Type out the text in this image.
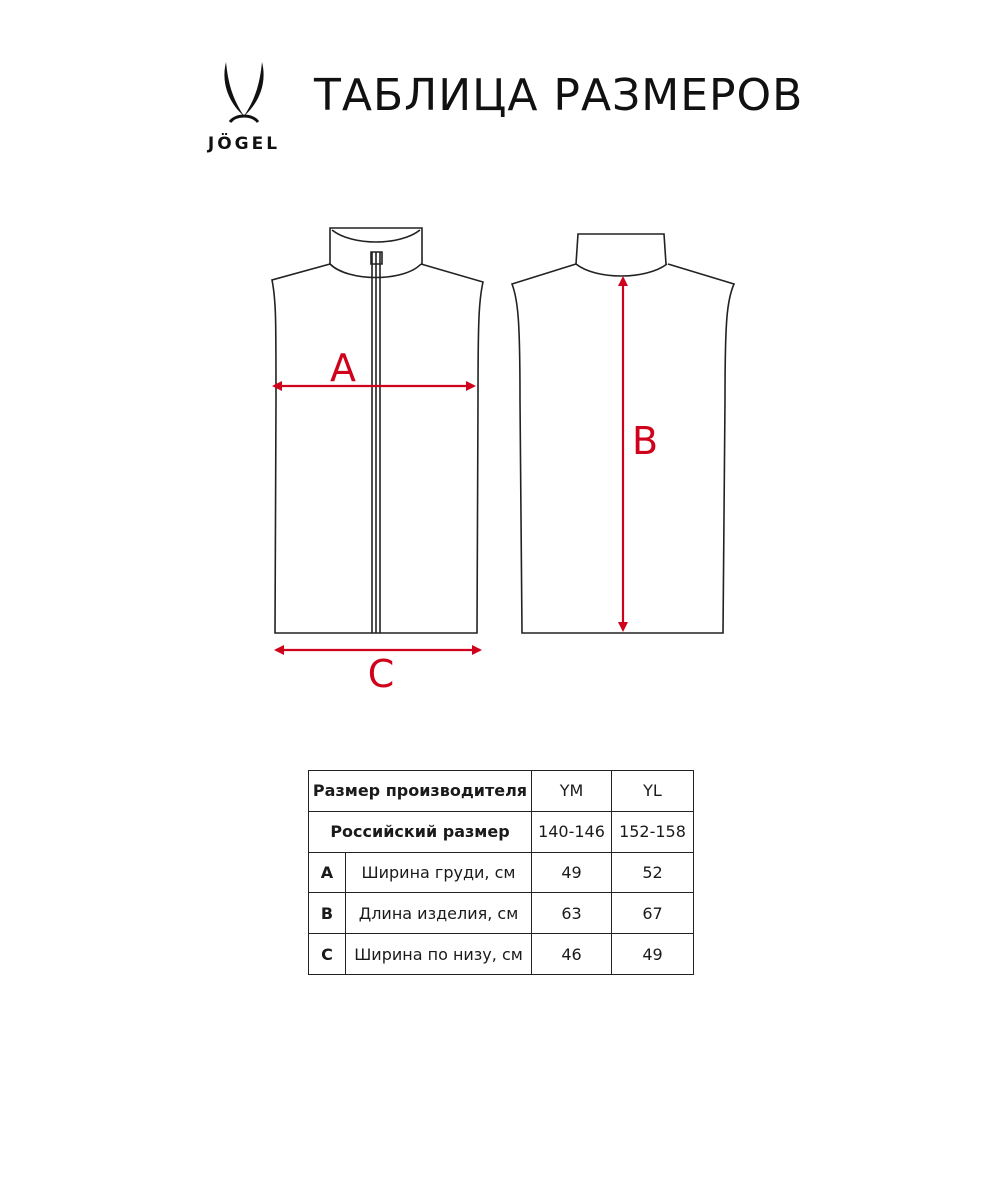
JÖGEL
ТАБЛИЦА РАЗМЕРОВ
A
B
C
Размер производителя		YM	YL
Российский размер		140-146	152-158
A	Ширина груди, см	49	52
B	Длина изделия, см	63	67
C	Ширина по низу, см	46	49
